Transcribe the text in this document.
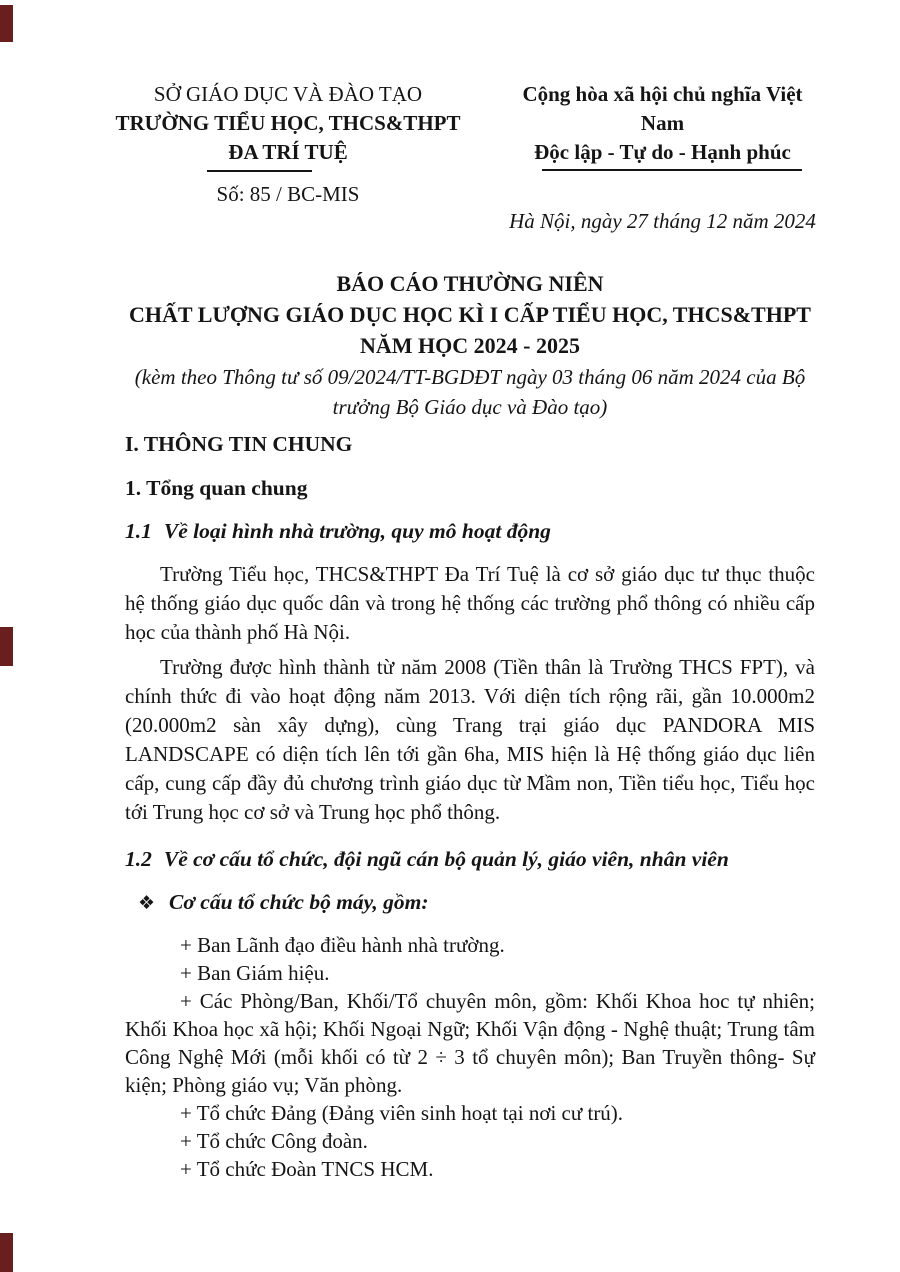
SỞ GIÁO DỤC VÀ ĐÀO TẠO
TRƯỜNG TIỂU HỌC, THCS&THPT
ĐA TRÍ TUỆ
Số: 85 / BC-MIS
Cộng hòa xã hội chủ nghĩa Việt Nam
Độc lập - Tự do - Hạnh phúc
Hà Nội, ngày 27 tháng 12 năm 2024
BÁO CÁO THƯỜNG NIÊN
CHẤT LƯỢNG GIÁO DỤC HỌC KÌ I CẤP TIỂU HỌC, THCS&THPT
NĂM HỌC 2024 - 2025
(kèm theo Thông tư số 09/2024/TT-BGDĐT ngày 03 tháng 06 năm 2024 của Bộ trưởng Bộ Giáo dục và Đào tạo)
I. THÔNG TIN CHUNG
1. Tổng quan chung
1.1 Về loại hình nhà trường, quy mô hoạt động

Trường Tiểu học, THCS&THPT Đa Trí Tuệ là cơ sở giáo dục tư thục thuộc hệ thống giáo dục quốc dân và trong hệ thống các trường phổ thông có nhiều cấp học của thành phố Hà Nội.

Trường được hình thành từ năm 2008 (Tiền thân là Trường THCS FPT), và chính thức đi vào hoạt động năm 2013. Với diện tích rộng rãi, gần 10.000m2 (20.000m2 sàn xây dựng), cùng Trang trại giáo dục PANDORA MIS LANDSCAPE có diện tích lên tới gần 6ha, MIS hiện là Hệ thống giáo dục liên cấp, cung cấp đầy đủ chương trình giáo dục từ Mầm non, Tiền tiểu học, Tiểu học tới Trung học cơ sở và Trung học phổ thông.

1.2 Về cơ cấu tổ chức, đội ngũ cán bộ quản lý, giáo viên, nhân viên
❖ Cơ cấu tổ chức bộ máy, gồm:

+ Ban Lãnh đạo điều hành nhà trường.

+ Ban Giám hiệu.

+ Các Phòng/Ban, Khối/Tổ chuyên môn, gồm: Khối Khoa hoc tự nhiên; Khối Khoa học xã hội; Khối Ngoại Ngữ; Khối Vận động - Nghệ thuật; Trung tâm Công Nghệ Mới (mỗi khối có từ 2 ÷ 3 tổ chuyên môn); Ban Truyền thông- Sự kiện; Phòng giáo vụ; Văn phòng.

+ Tổ chức Đảng (Đảng viên sinh hoạt tại nơi cư trú).

+ Tổ chức Công đoàn.

+ Tổ chức Đoàn TNCS HCM.
